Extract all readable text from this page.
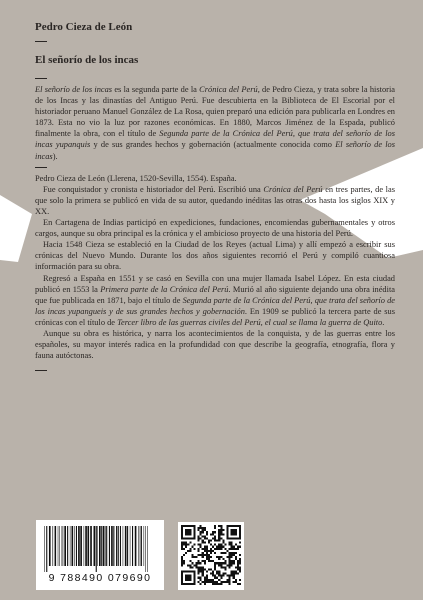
Pedro Cieza de León
El señorío de los incas

El señorío de los incas es la segunda parte de la Crónica del Perú, de Pedro Cieza, y trata sobre la historia de los Incas y las dinastías del Antiguo Perú. Fue descubierta en la Biblioteca de El Escorial por el historiador peruano Manuel González de La Rosa, quien preparó una edición para publicarla en Londres en 1873. Esta no vio la luz por razones económicas. En 1880, Marcos Jiménez de la Espada, publicó finalmente la obra, con el título de Segunda parte de la Crónica del Perú, que trata del señorío de los incas yupanquis y de sus grandes hechos y gobernación (actualmente conocida como El señorío de los incas).

Pedro Cieza de León (Llerena, 1520-Sevilla, 1554). España.

Fue conquistador y cronista e historiador del Perú. Escribió una Crónica del Perú en tres partes, de las que solo la primera se publicó en vida de su autor, quedando inéditas las otras dos hasta los siglos XIX y XX.

En Cartagena de Indias participó en expediciones, fundaciones, encomiendas gubernamentales y otros cargos, aunque su obra principal es la crónica y el ambicioso proyecto de una historia del Perú.

Hacia 1548 Cieza se estableció en la Ciudad de los Reyes (actual Lima) y allí empezó a escribir sus crónicas del Nuevo Mundo. Durante los dos años siguientes recorrió el Perú y compiló cuantiosa información para su obra.

Regresó a España en 1551 y se casó en Sevilla con una mujer llamada Isabel López. En esta ciudad publicó en 1553 la Primera parte de la Crónica del Perú. Murió al año siguiente dejando una obra inédita que fue publicada en 1871, bajo el título de Segunda parte de la Crónica del Perú, que trata del señorío de los incas yupangueis y de sus grandes hechos y gobernación. En 1909 se publicó la tercera parte de sus crónicas con el título de Tercer libro de las guerras civiles del Perú, el cual se llama la guerra de Quito.

Aunque su obra es histórica, y narra los acontecimientos de la conquista, y de las guerras entre los españoles, su mayor interés radica en la profundidad con que describe la geografía, etnografía, flora y fauna autóctonas.

9 788490 079690
